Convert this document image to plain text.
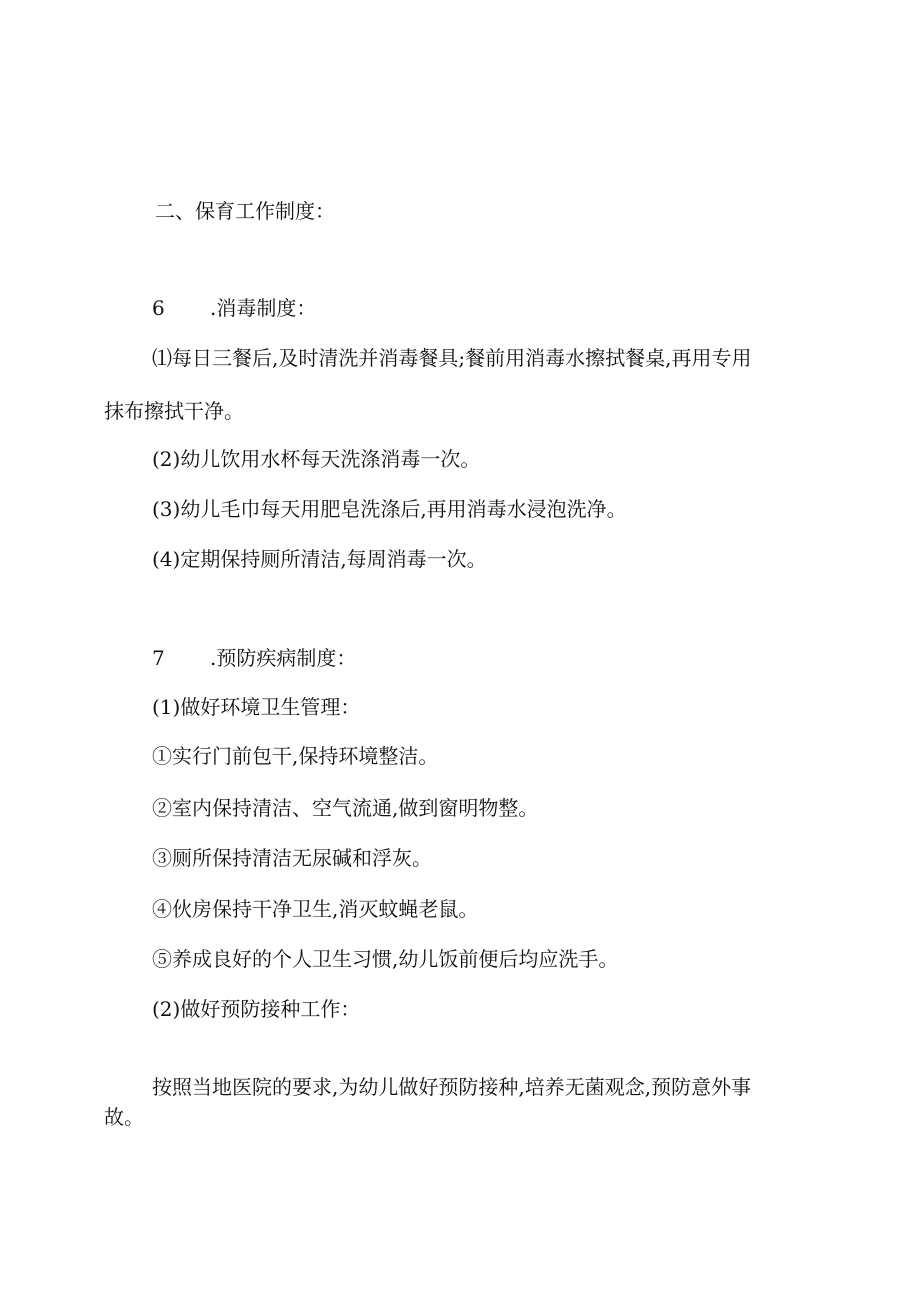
二、保育工作制度：

6 .消毒制度：

⑴每日三餐后,及时清洗并消毒餐具;餐前用消毒水擦拭餐桌,再用专用

抹布擦拭干净。

(2)幼儿饮用水杯每天洗涤消毒一次。

(3)幼儿毛巾每天用肥皂洗涤后,再用消毒水浸泡洗净。

(4)定期保持厕所清洁,每周消毒一次。

7 .预防疾病制度：

(1)做好环境卫生管理：

①实行门前包干,保持环境整洁。

②室内保持清洁、空气流通,做到窗明物整。

③厕所保持清洁无尿碱和浮灰。

④伙房保持干净卫生,消灭蚊蝇老鼠。

⑤养成良好的个人卫生习惯,幼儿饭前便后均应洗手。

(2)做好预防接种工作：

按照当地医院的要求,为幼儿做好预防接种,培养无菌观念,预防意外事

故。
